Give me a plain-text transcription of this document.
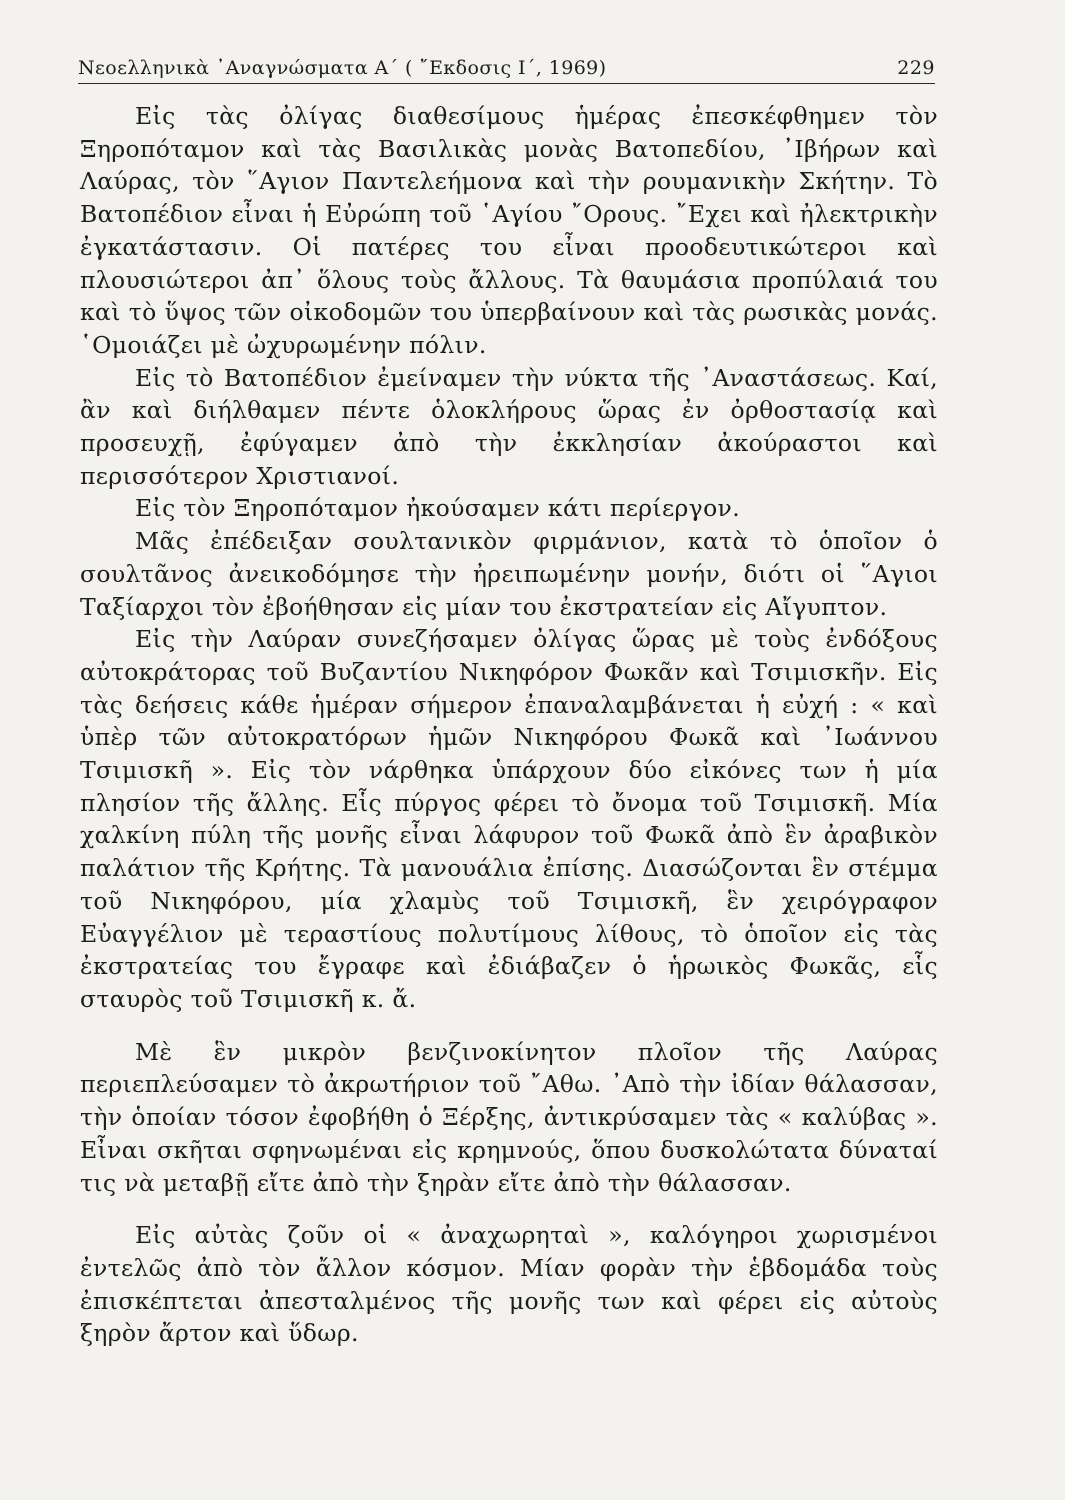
Νεοελληνικὰ ᾿Αναγνώσματα Α΄ ( ῎Εκδοσις Ι΄, 1969)	229

Εἰς τὰς ὀλίγας διαθεσίμους ἡμέρας ἐπεσκέφθημεν τὸν Ξηροπόταμον καὶ τὰς Βασιλικὰς μονὰς Βατοπεδίου, ᾿Ιβήρων καὶ Λαύρας, τὸν ῞Αγιον Παντελεήμονα καὶ τὴν ρουμανικὴν Σκήτην. Τὸ Βατοπέδιον εἶναι ἡ Εὐρώπη τοῦ ῾Αγίου ῎Ορους. ῎Εχει καὶ ἠλεκτρικὴν ἐγκατάστασιν. Οἱ πατέρες του εἶναι προοδευτικώτεροι καὶ πλουσιώτεροι ἀπ᾿ ὅλους τοὺς ἄλλους. Τὰ θαυμάσια προπύλαιά του καὶ τὸ ὕψος τῶν οἰκοδομῶν του ὑπερβαίνουν καὶ τὰς ρωσικὰς μονάς. ῾Ομοιάζει μὲ ὠχυρωμένην πόλιν.

Εἰς τὸ Βατοπέδιον ἐμείναμεν τὴν νύκτα τῆς ᾿Αναστάσεως. Καί, ἂν καὶ διήλθαμεν πέντε ὁλοκλήρους ὥρας ἐν ὀρθοστασίᾳ καὶ προσευχῇ, ἐφύγαμεν ἀπὸ τὴν ἐκκλησίαν ἀκούραστοι καὶ περισσότερον Χριστιανοί.

Εἰς τὸν Ξηροπόταμον ἠκούσαμεν κάτι περίεργον.

Μᾶς ἐπέδειξαν σουλτανικὸν φιρμάνιον, κατὰ τὸ ὁποῖον ὁ σουλτᾶνος ἀνεικοδόμησε τὴν ἠρειπωμένην μονήν, διότι οἱ ῞Αγιοι Ταξίαρχοι τὸν ἐβοήθησαν εἰς μίαν του ἐκστρατείαν εἰς Αἴγυπτον.

Εἰς τὴν Λαύραν συνεζήσαμεν ὀλίγας ὥρας μὲ τοὺς ἐνδόξους αὐτοκράτορας τοῦ Βυζαντίου Νικηφόρον Φωκᾶν καὶ Τσιμισκῆν. Εἰς τὰς δεήσεις κάθε ἡμέραν σήμερον ἐπαναλαμβάνεται ἡ εὐχή : « καὶ ὑπὲρ τῶν αὐτοκρατόρων ἡμῶν Νικηφόρου Φωκᾶ καὶ ᾿Ιωάννου Τσιμισκῆ ». Εἰς τὸν νάρθηκα ὑπάρχουν δύο εἰκόνες των ἡ μία πλησίον τῆς ἄλλης. Εἷς πύργος φέρει τὸ ὄνομα τοῦ Τσιμισκῆ. Μία χαλκίνη πύλη τῆς μονῆς εἶναι λάφυρον τοῦ Φωκᾶ ἀπὸ ἓν ἀραβικὸν παλάτιον τῆς Κρήτης. Τὰ μανουάλια ἐπίσης. Διασώζονται ἓν στέμμα τοῦ Νικηφόρου, μία χλαμὺς τοῦ Τσιμισκῆ, ἓν χειρόγραφον Εὐαγγέλιον μὲ τεραστίους πολυτίμους λίθους, τὸ ὁποῖον εἰς τὰς ἐκστρατείας του ἔγραφε καὶ ἐδιάβαζεν ὁ ἡρωικὸς Φωκᾶς, εἷς σταυρὸς τοῦ Τσιμισκῆ κ. ἄ.

Μὲ ἓν μικρὸν βενζινοκίνητον πλοῖον τῆς Λαύρας περιεπλεύσαμεν τὸ ἀκρωτήριον τοῦ ῎Αθω. ᾿Απὸ τὴν ἰδίαν θάλασσαν, τὴν ὁποίαν τόσον ἐφοβήθη ὁ Ξέρξης, ἀντικρύσαμεν τὰς « καλύβας ». Εἶναι σκῆται σφηνωμέναι εἰς κρημνούς, ὅπου δυσκολώτατα δύναταί τις νὰ μεταβῇ εἴτε ἀπὸ τὴν ξηρὰν εἴτε ἀπὸ τὴν θάλασσαν.

Εἰς αὐτὰς ζοῦν οἱ « ἀναχωρηταὶ », καλόγηροι χωρισμένοι ἐντελῶς ἀπὸ τὸν ἄλλον κόσμον. Μίαν φορὰν τὴν ἑβδομάδα τοὺς ἐπισκέπτεται ἀπεσταλμένος τῆς μονῆς των καὶ φέρει εἰς αὐτοὺς ξηρὸν ἄρτον καὶ ὕδωρ.
